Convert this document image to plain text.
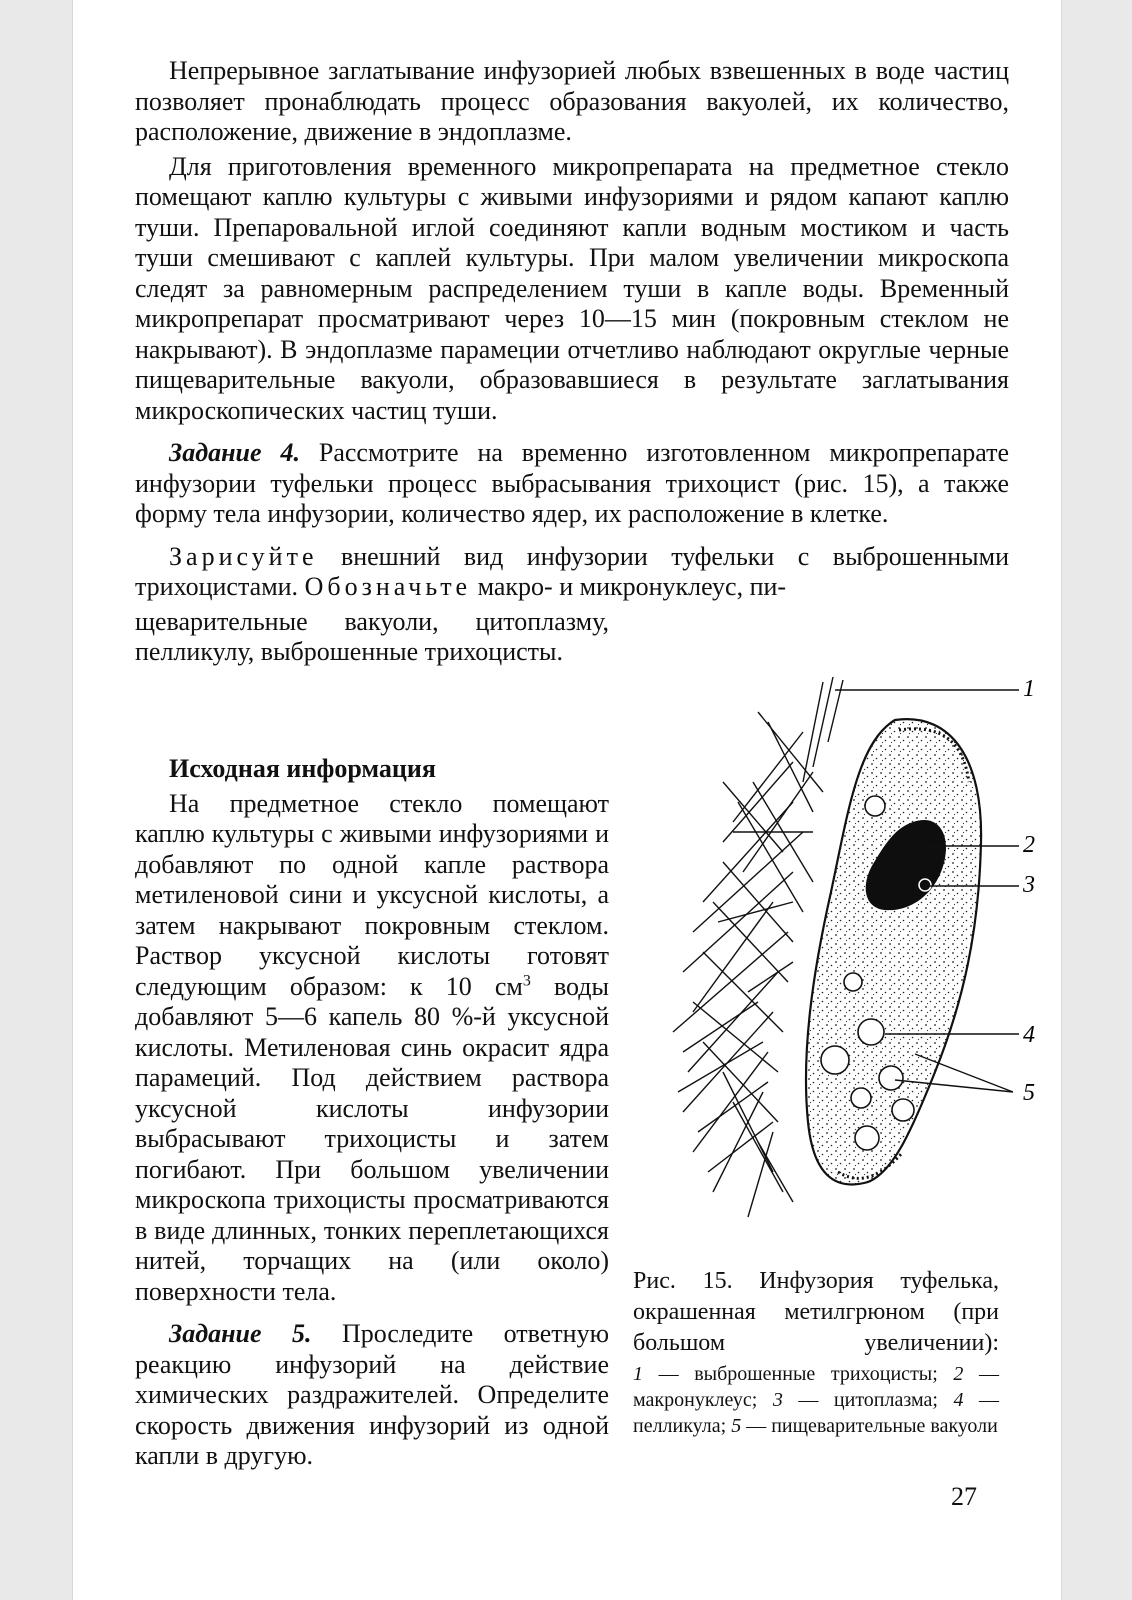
Непрерывное заглатывание инфузорией любых взвешенных в воде частиц позволяет пронаблюдать процесс образования вакуолей, их количество, расположение, движение в эндоплазме.

Для приготовления временного микропрепарата на предметное стекло помещают каплю культуры с живыми инфузориями и рядом капают каплю туши. Препаровальной иглой соединяют капли водным мостиком и часть туши смешивают с каплей культуры. При малом увеличении микроскопа следят за равномерным распределением туши в капле воды. Временный микропрепарат просматривают через 10—15 мин (покровным стеклом не накрывают). В эндоплазме парамеции отчетливо наблюдают округлые черные пищеварительные вакуоли, образовавшиеся в результате заглатывания микроскопических частиц туши.

Задание 4. Рассмотрите на временно изготовленном микропрепарате инфузории туфельки процесс выбрасывания трихоцист (рис. 15), а также форму тела инфузории, количество ядер, их расположение в клетке.

Зарисуйте внешний вид инфузории туфельки с выброшенными трихоцистами. Обозначьте макро- и микронуклеус, пи-

щеварительные вакуоли, цитоплазму, пелликулу, выброшенные трихоцисты.

Исходная информация

На предметное стекло помещают каплю культуры с живыми инфузориями и добавляют по одной капле раствора метиленовой сини и уксусной кислоты, а затем накрывают покровным стеклом. Раствор уксусной кислоты готовят следующим образом: к 10 $см^3$ воды добавляют 5—6 капель 80 %-й уксусной кислоты. Метиленовая синь окрасит ядра парамеций. Под действием раствора уксусной кислоты инфузории выбрасывают трихоцисты и затем погибают. При большом увеличении микроскопа трихоцисты просматриваются в виде длинных, тонких переплетающихся нитей, торчащих на (или около) поверхности тела.

Задание 5. Проследите ответную реакцию инфузорий на действие химических раздражителей. Определите скорость движения инфузорий из одной капли в другую.

1
2
3
4
5
Рис. 15. Инфузория туфелька, окрашенная метилгрюном (при большом увеличении):
1 — выброшенные трихоцисты; 2 — макронуклеус; 3 — цитоплазма; 4 — пелликула; 5 — пищеварительные вакуоли
27
